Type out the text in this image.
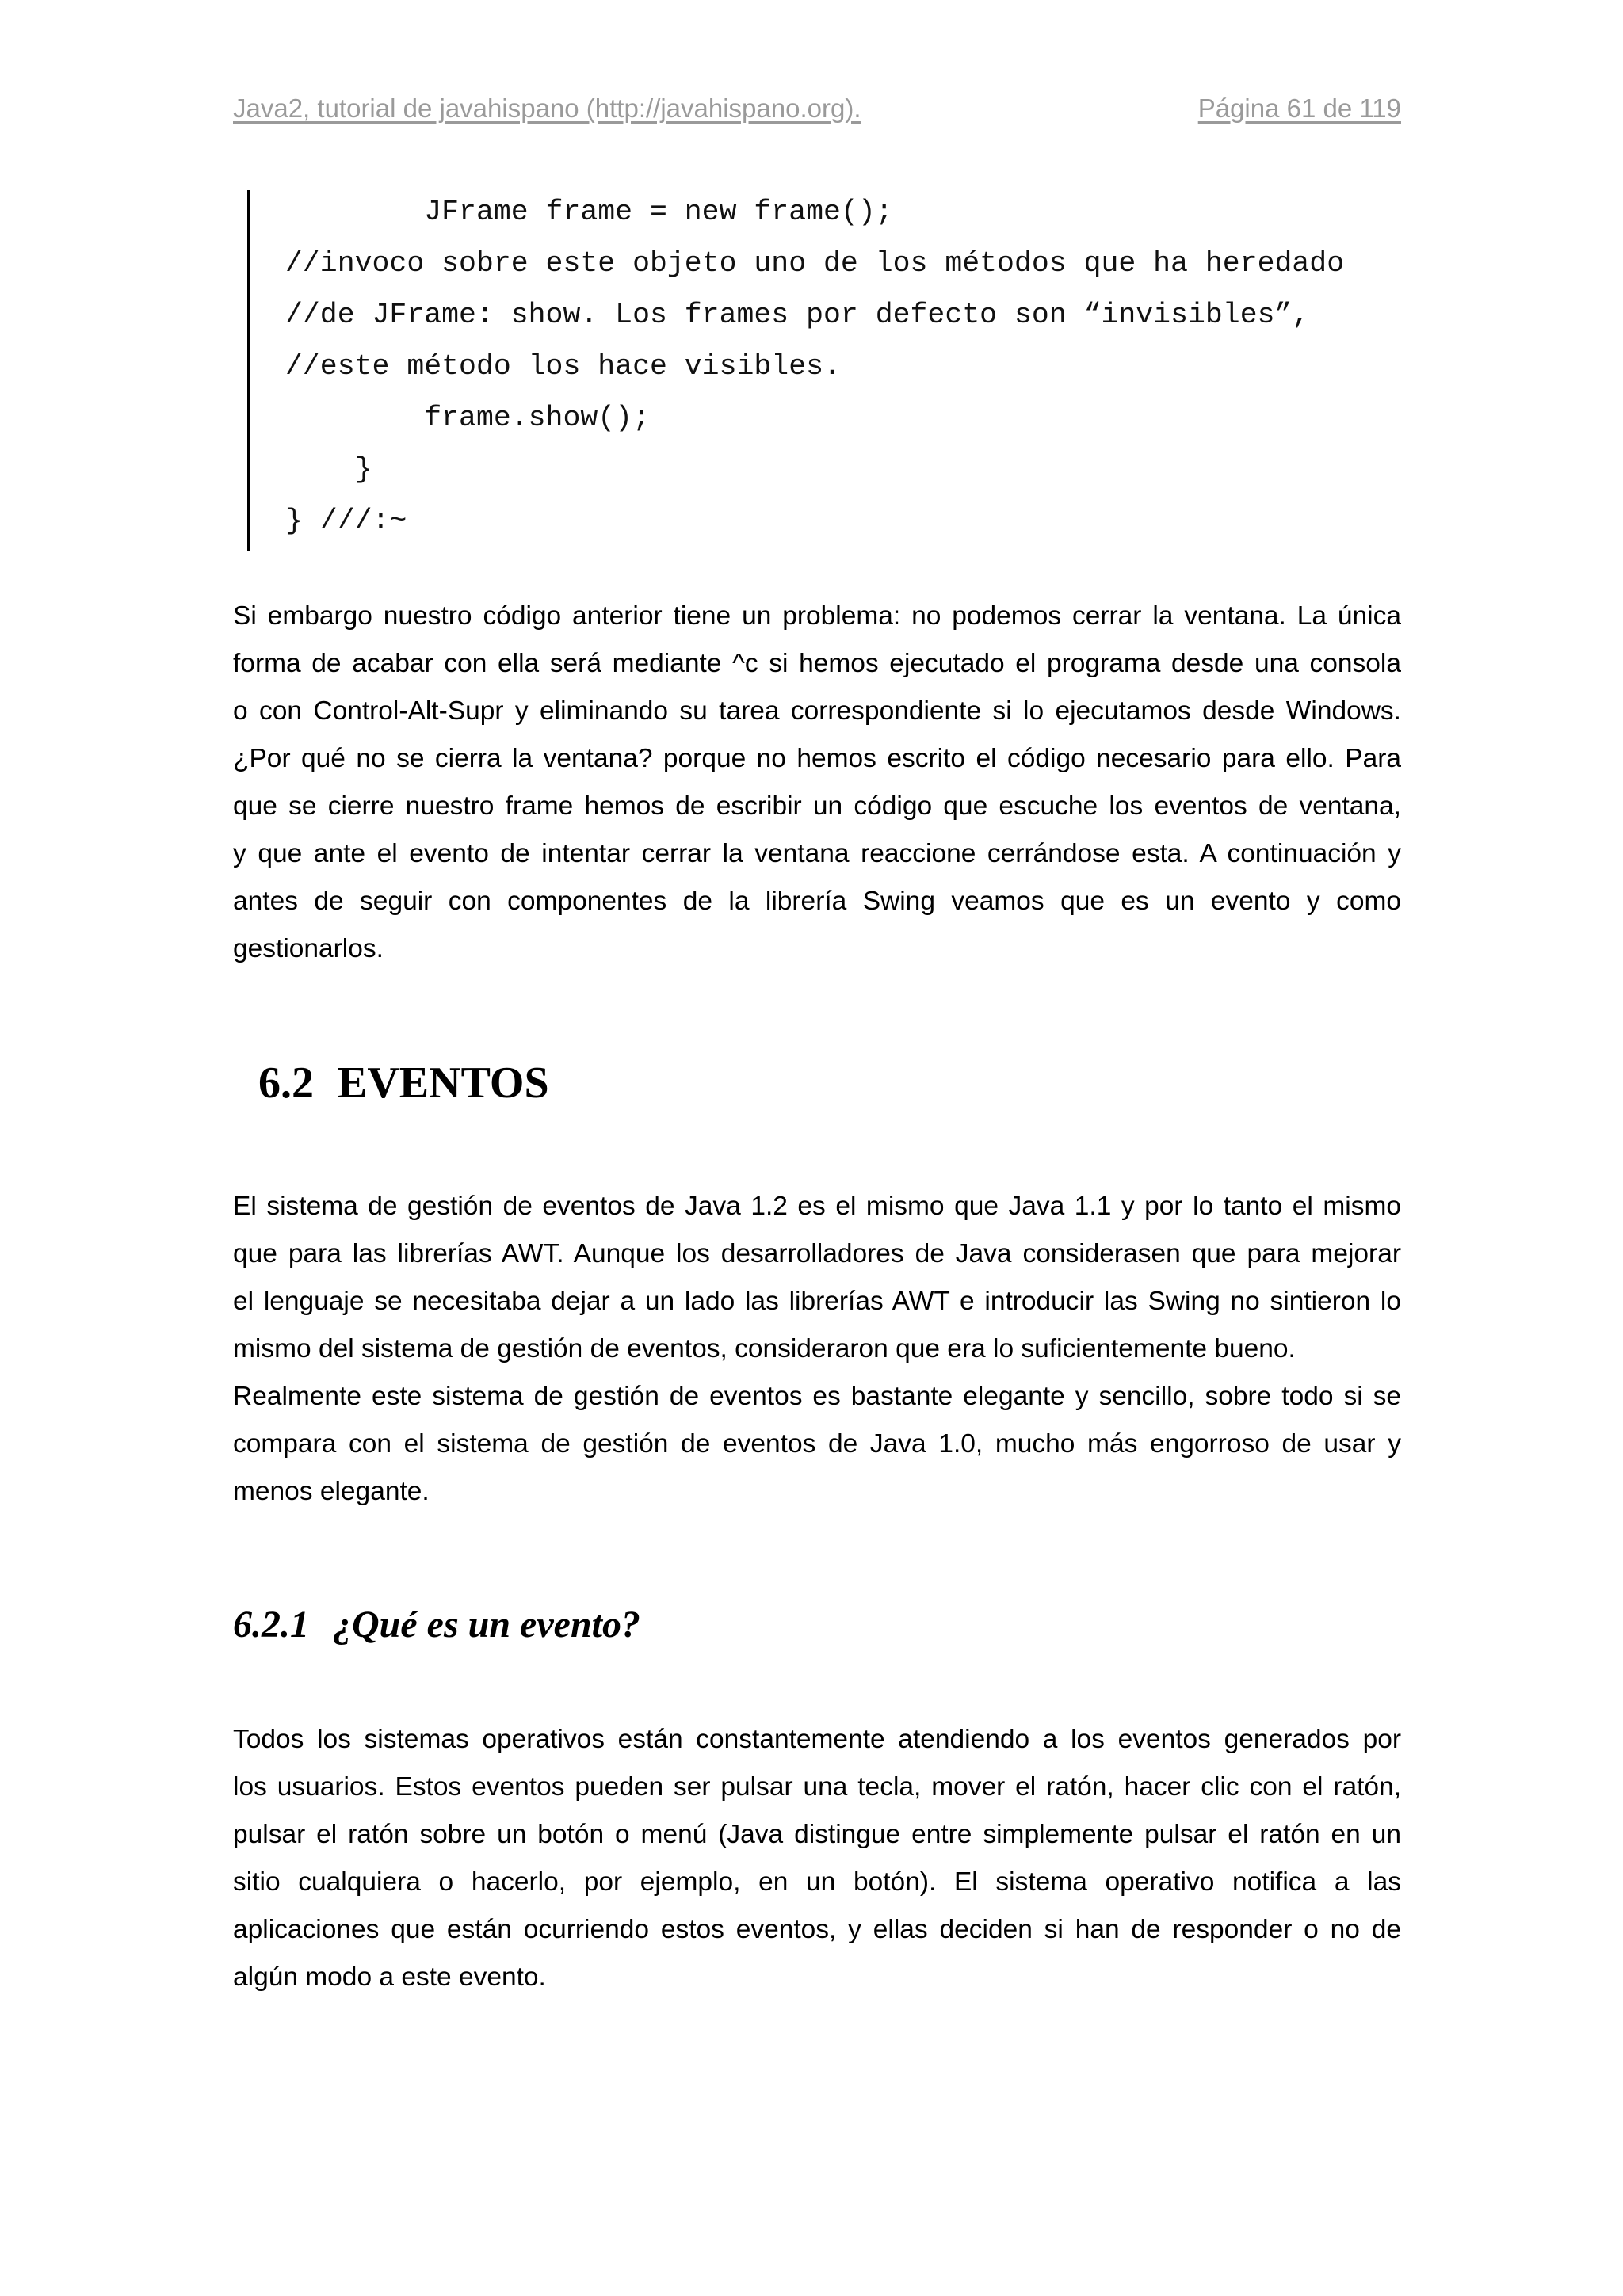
Java2, tutorial de javahispano (http://javahispano.org).	Página 61 de 119
JFrame frame = new frame();
//invoco sobre este objeto uno de los métodos que ha heredado
//de JFrame: show. Los frames por defecto son “invisibles”,
//este método los hace visibles.
frame.show();
}
} ///:~
Si embargo nuestro código anterior tiene un problema: no podemos cerrar la ventana. La única
forma de acabar con ella será mediante ^c si hemos ejecutado el programa desde una consola
o con Control-Alt-Supr y eliminando su tarea correspondiente si lo ejecutamos desde Windows.
¿Por qué no se cierra la ventana? porque no hemos escrito el código necesario para ello. Para
que se cierre nuestro frame hemos de escribir un código que escuche los eventos de ventana,
y que ante el evento de intentar cerrar la ventana reaccione cerrándose esta. A continuación y
antes de seguir con componentes de la librería Swing veamos que es un evento y como
gestionarlos.
6.2 EVENTOS
El sistema de gestión de eventos de Java 1.2 es el mismo que Java 1.1 y por lo tanto el mismo
que para las librerías AWT. Aunque los desarrolladores de Java considerasen que para mejorar
el lenguaje se necesitaba dejar a un lado las librerías AWT e introducir las Swing no sintieron lo
mismo del sistema de gestión de eventos, consideraron que era lo suficientemente bueno.
Realmente este sistema de gestión de eventos es bastante elegante y sencillo, sobre todo si se
compara con el sistema de gestión de eventos de Java 1.0, mucho más engorroso de usar y
menos elegante.
6.2.1 ¿Qué es un evento?
Todos los sistemas operativos están constantemente atendiendo a los eventos generados por
los usuarios. Estos eventos pueden ser pulsar una tecla, mover el ratón, hacer clic con el ratón,
pulsar el ratón sobre un botón o menú (Java distingue entre simplemente pulsar el ratón en un
sitio cualquiera o hacerlo, por ejemplo, en un botón). El sistema operativo notifica a las
aplicaciones que están ocurriendo estos eventos, y ellas deciden si han de responder o no de
algún modo a este evento.
